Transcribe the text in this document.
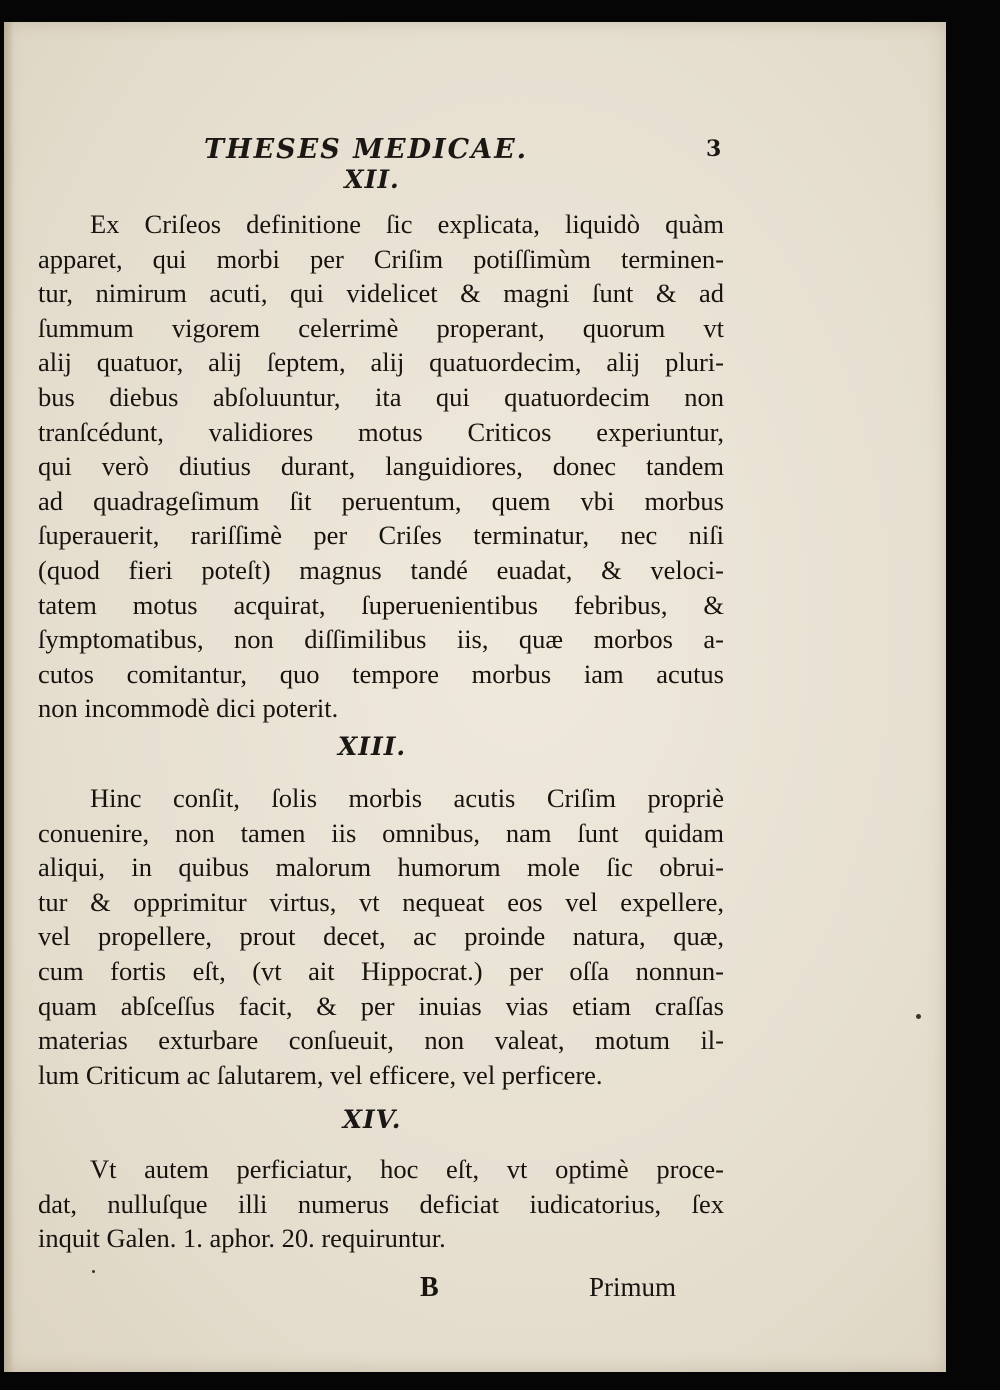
THESES MEDICAE.	3
XII.

Ex Criſeos definitione ſic explicata, liquidò quàm
apparet, qui morbi per Criſim potiſſimùm terminen-
tur, nimirum acuti, qui videlicet & magni ſunt & ad
ſummum vigorem celerrimè properant, quorum vt
alij quatuor, alij ſeptem, alij quatuordecim, alij pluri-
bus diebus abſoluuntur, ita qui quatuordecim non
tranſcédunt, validiores motus Criticos experiuntur,
qui verò diutius durant, languidiores, donec tandem
ad quadrageſimum ſit peruentum, quem vbi morbus
ſuperauerit, rariſſimè per Criſes terminatur, nec niſi
(quod fieri poteſt) magnus tandé euadat, & veloci-
tatem motus acquirat, ſuperuenientibus febribus, &
ſymptomatibus, non diſſimilibus iis, quæ morbos a-
cutos comitantur, quo tempore morbus iam acutus
non incommodè dici poterit.

XIII.

Hinc conſit, ſolis morbis acutis Criſim propriè
conuenire, non tamen iis omnibus, nam ſunt quidam
aliqui, in quibus malorum humorum mole ſic obrui-
tur & opprimitur virtus, vt nequeat eos vel expellere,
vel propellere, prout decet, ac proinde natura, quæ,
cum fortis eſt, (vt ait Hippocrat.) per oſſa nonnun-
quam abſceſſus facit, & per inuias vias etiam craſſas
materias exturbare conſueuit, non valeat, motum il-
lum Criticum ac ſalutarem, vel efficere, vel perficere.

XIV.

Vt autem perficiatur, hoc eſt, vt optimè proce-
dat, nulluſque illi numerus deficiat iudicatorius, ſex
inquit Galen. 1. aphor. 20. requiruntur.

B	Primum
